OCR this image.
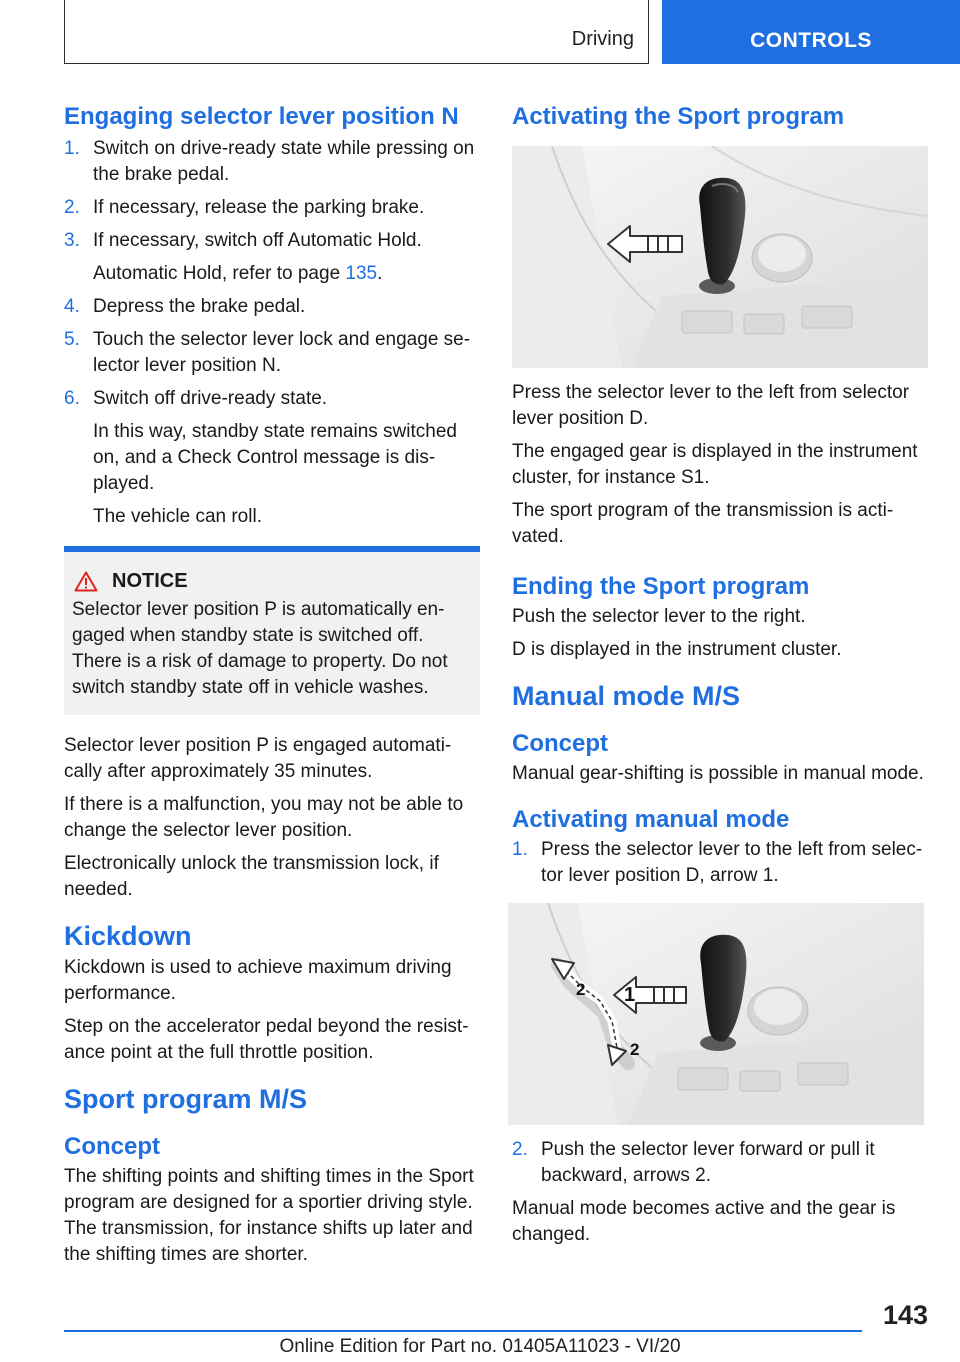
Driving	CONTROLS
Engaging selector lever position N
1. Switch on drive-ready state while pressing on the brake pedal.
2. If necessary, release the parking brake.
3. If necessary, switch off Automatic Hold.
Automatic Hold, refer to page 135.
4. Depress the brake pedal.
5. Touch the selector lever lock and engage se‐lector lever position N.
6. Switch off drive-ready state.
In this way, standby state remains switched on, and a Check Control message is dis‐played.
The vehicle can roll.
NOTICE

Selector lever position P is automatically en‐gaged when standby state is switched off.

There is a risk of damage to property. Do not switch standby state off in vehicle washes.

Selector lever position P is engaged automati‐cally after approximately 35 minutes.

If there is a malfunction, you may not be able to change the selector lever position.

Electronically unlock the transmission lock, if needed.

Kickdown

Kickdown is used to achieve maximum driving performance.

Step on the accelerator pedal beyond the resist‐ance point at the full throttle position.

Sport program M/S
Concept

The shifting points and shifting times in the Sport program are designed for a sportier driving style. The transmission, for instance shifts up later and the shifting times are shorter.

Activating the Sport program

Press the selector lever to the left from selector lever position D.

The engaged gear is displayed in the instrument cluster, for instance S1.

The sport program of the transmission is acti‐vated.

Ending the Sport program

Push the selector lever to the right.

D is displayed in the instrument cluster.

Manual mode M/S
Concept

Manual gear-shifting is possible in manual mode.

Activating manual mode
1. Press the selector lever to the left from selec‐tor lever position D, arrow 1.
1
2
2
2. Push the selector lever forward or pull it backward, arrows 2.

Manual mode becomes active and the gear is changed.

143
Online Edition for Part no. 01405A11023 - VI/20
